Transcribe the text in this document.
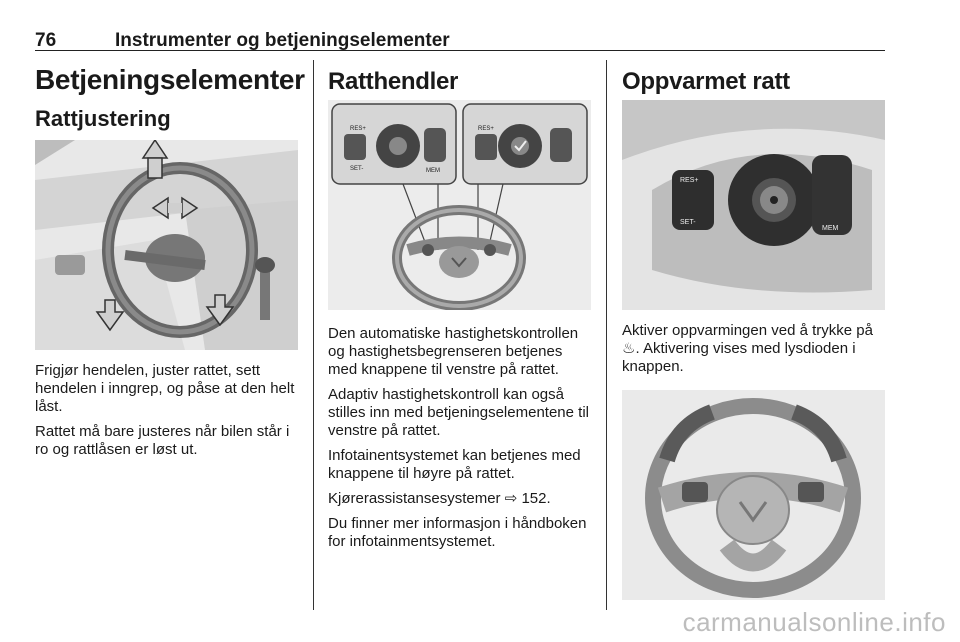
76	Instrumenter og betjeningselementer
Betjeningselementer
Rattjustering

Frigjør hendelen, juster rattet, sett hendelen i inngrep, og påse at den helt låst.

Rattet må bare justeres når bilen står i ro og rattlåsen er løst ut.

Ratthendler
RES+
SET-	MEM
RES+

Den automatiske hastighetskontrollen og hastighetsbegrenseren betjenes med knappene til venstre på rattet.

Adaptiv hastighetskontroll kan også stilles inn med betjeningselementene til venstre på rattet.

Infotainentsystemet kan betjenes med knappene til høyre på rattet.

Kjørerassistansesystemer ⇨ 152.

Du finner mer informasjon i håndboken for infotainmentsystemet.

Oppvarmet ratt
RES+
SET-
MEM

Aktiver oppvarmingen ved å trykke på ♨. Aktivering vises med lysdioden i knappen.

carmanualsonline.info
